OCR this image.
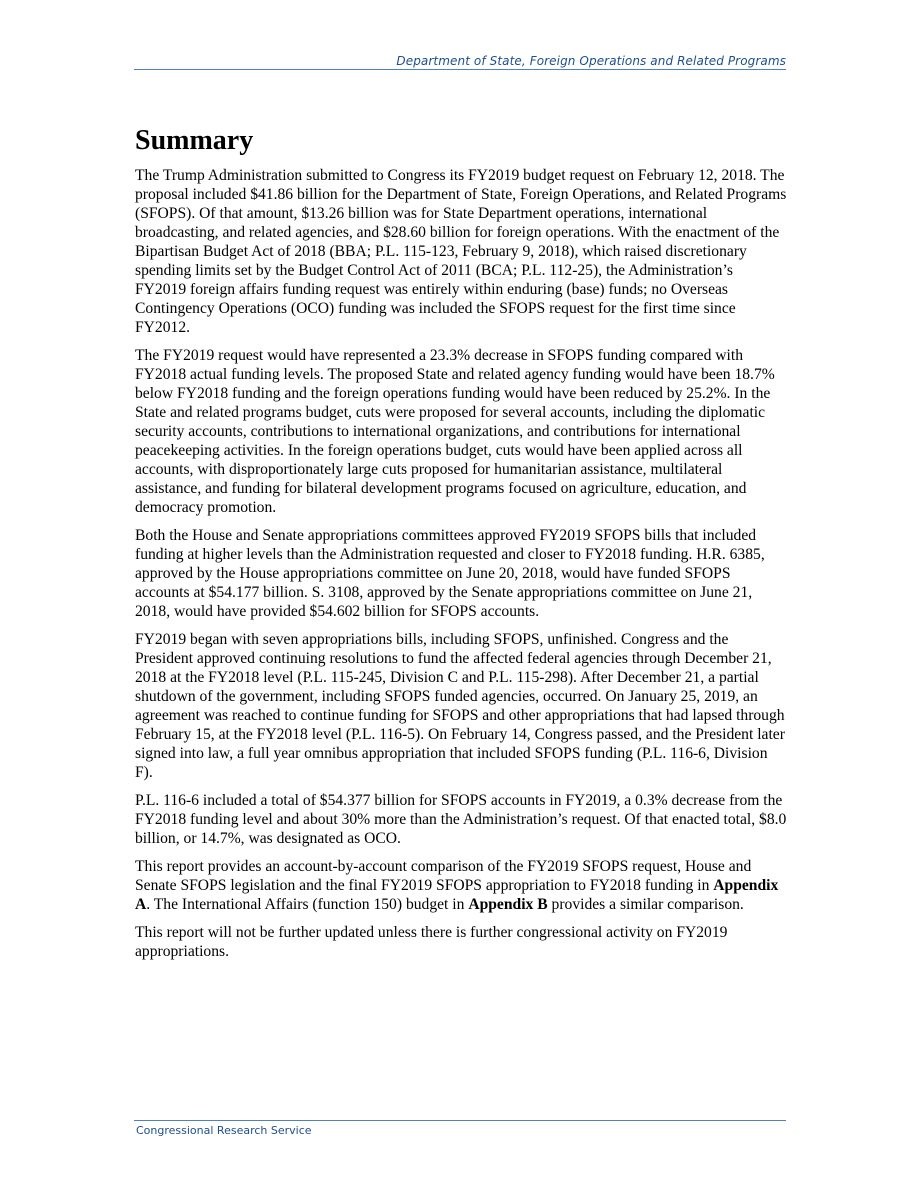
Department of State, Foreign Operations and Related Programs
Summary

The Trump Administration submitted to Congress its FY2019 budget request on February 12, 2018. The proposal included $41.86 billion for the Department of State, Foreign Operations, and Related Programs (SFOPS). Of that amount, $13.26 billion was for State Department operations, international broadcasting, and related agencies, and $28.60 billion for foreign operations. With the enactment of the Bipartisan Budget Act of 2018 (BBA; P.L. 115-123, February 9, 2018), which raised discretionary spending limits set by the Budget Control Act of 2011 (BCA; P.L. 112-25), the Administration’s FY2019 foreign affairs funding request was entirely within enduring (base) funds; no Overseas Contingency Operations (OCO) funding was included the SFOPS request for the first time since FY2012.

The FY2019 request would have represented a 23.3% decrease in SFOPS funding compared with FY2018 actual funding levels. The proposed State and related agency funding would have been 18.7% below FY2018 funding and the foreign operations funding would have been reduced by 25.2%. In the State and related programs budget, cuts were proposed for several accounts, including the diplomatic security accounts, contributions to international organizations, and contributions for international peacekeeping activities. In the foreign operations budget, cuts would have been applied across all accounts, with disproportionately large cuts proposed for humanitarian assistance, multilateral assistance, and funding for bilateral development programs focused on agriculture, education, and democracy promotion.

Both the House and Senate appropriations committees approved FY2019 SFOPS bills that included funding at higher levels than the Administration requested and closer to FY2018 funding. H.R. 6385, approved by the House appropriations committee on June 20, 2018, would have funded SFOPS accounts at $54.177 billion. S. 3108, approved by the Senate appropriations committee on June 21, 2018, would have provided $54.602 billion for SFOPS accounts.

FY2019 began with seven appropriations bills, including SFOPS, unfinished. Congress and the President approved continuing resolutions to fund the affected federal agencies through December 21, 2018 at the FY2018 level (P.L. 115-245, Division C and P.L. 115-298). After December 21, a partial shutdown of the government, including SFOPS funded agencies, occurred. On January 25, 2019, an agreement was reached to continue funding for SFOPS and other appropriations that had lapsed through February 15, at the FY2018 level (P.L. 116-5). On February 14, Congress passed, and the President later signed into law, a full year omnibus appropriation that included SFOPS funding (P.L. 116-6, Division F).

P.L. 116-6 included a total of $54.377 billion for SFOPS accounts in FY2019, a 0.3% decrease from the FY2018 funding level and about 30% more than the Administration’s request. Of that enacted total, $8.0 billion, or 14.7%, was designated as OCO.

This report provides an account-by-account comparison of the FY2019 SFOPS request, House and Senate SFOPS legislation and the final FY2019 SFOPS appropriation to FY2018 funding in Appendix A. The International Affairs (function 150) budget in Appendix B provides a similar comparison.

This report will not be further updated unless there is further congressional activity on FY2019 appropriations.

Congressional Research Service
